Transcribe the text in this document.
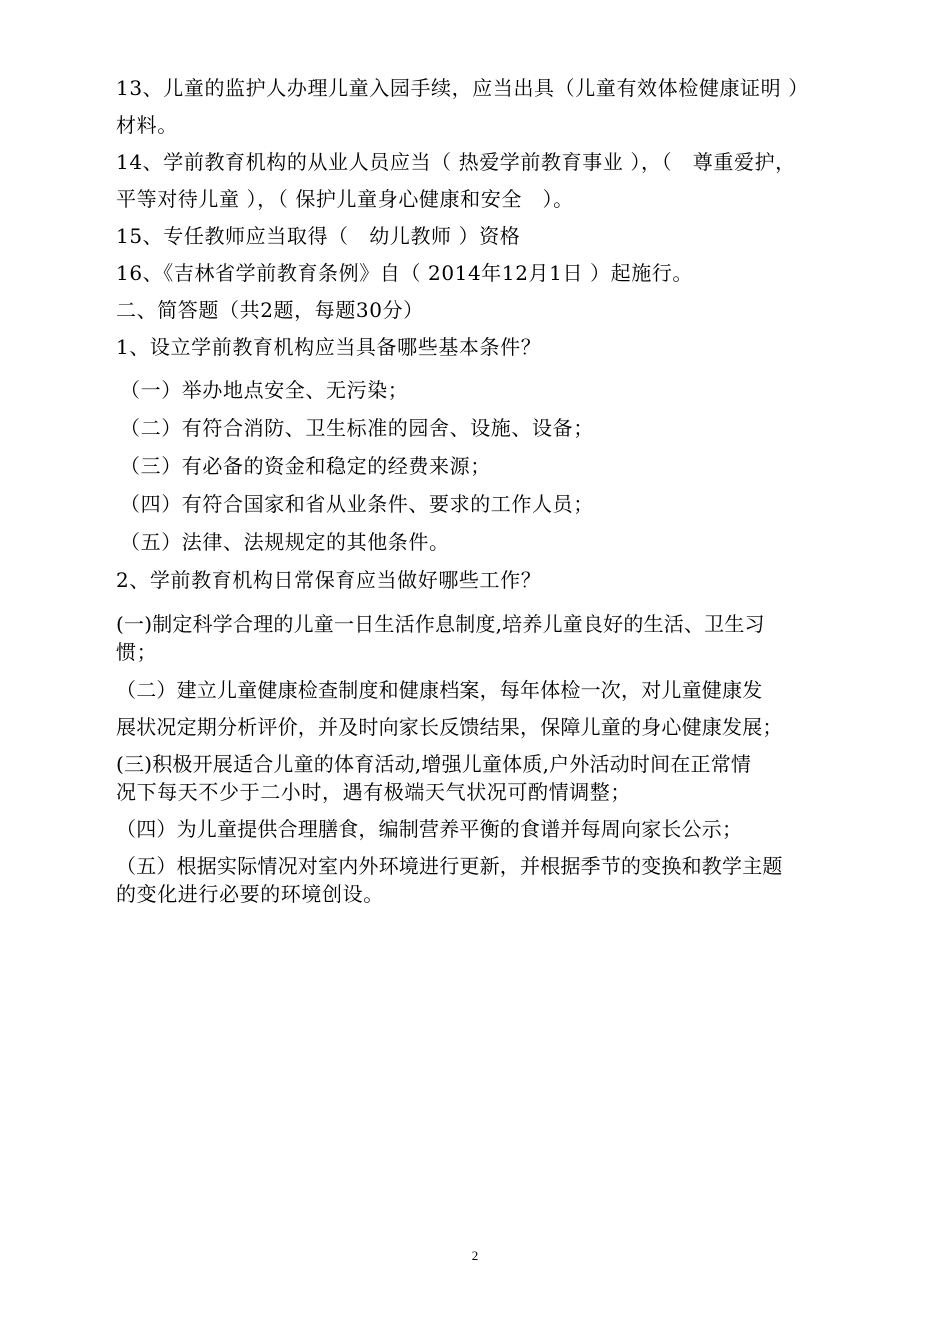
13、儿童的监护人办理儿童入园手续，应当出具（儿童有效体检健康证明 ）
材料。
14、学前教育机构的从业人员应当（ 热爱学前教育事业 ），（　尊重爱护，
平等对待儿童 ），（ 保护儿童身心健康和安全　）。
15、专任教师应当取得（　幼儿教师 ）资格
16、《吉林省学前教育条例》自（ 2014年12月1日 ）起施行。
二、简答题（共2题，每题30分）
1、设立学前教育机构应当具备哪些基本条件？
（一）举办地点安全、无污染；
（二）有符合消防、卫生标准的园舍、设施、设备；
（三）有必备的资金和稳定的经费来源；
（四）有符合国家和省从业条件、要求的工作人员；
（五）法律、法规规定的其他条件。
2、学前教育机构日常保育应当做好哪些工作？
(一)制定科学合理的儿童一日生活作息制度,培养儿童良好的生活、卫生习
惯；
（二）建立儿童健康检查制度和健康档案，每年体检一次，对儿童健康发
展状况定期分析评价，并及时向家长反馈结果，保障儿童的身心健康发展；
(三)积极开展适合儿童的体育活动,增强儿童体质,户外活动时间在正常情
况下每天不少于二小时，遇有极端天气状况可酌情调整；
（四）为儿童提供合理膳食，编制营养平衡的食谱并每周向家长公示；
（五）根据实际情况对室内外环境进行更新，并根据季节的变换和教学主题
的变化进行必要的环境创设。
2
